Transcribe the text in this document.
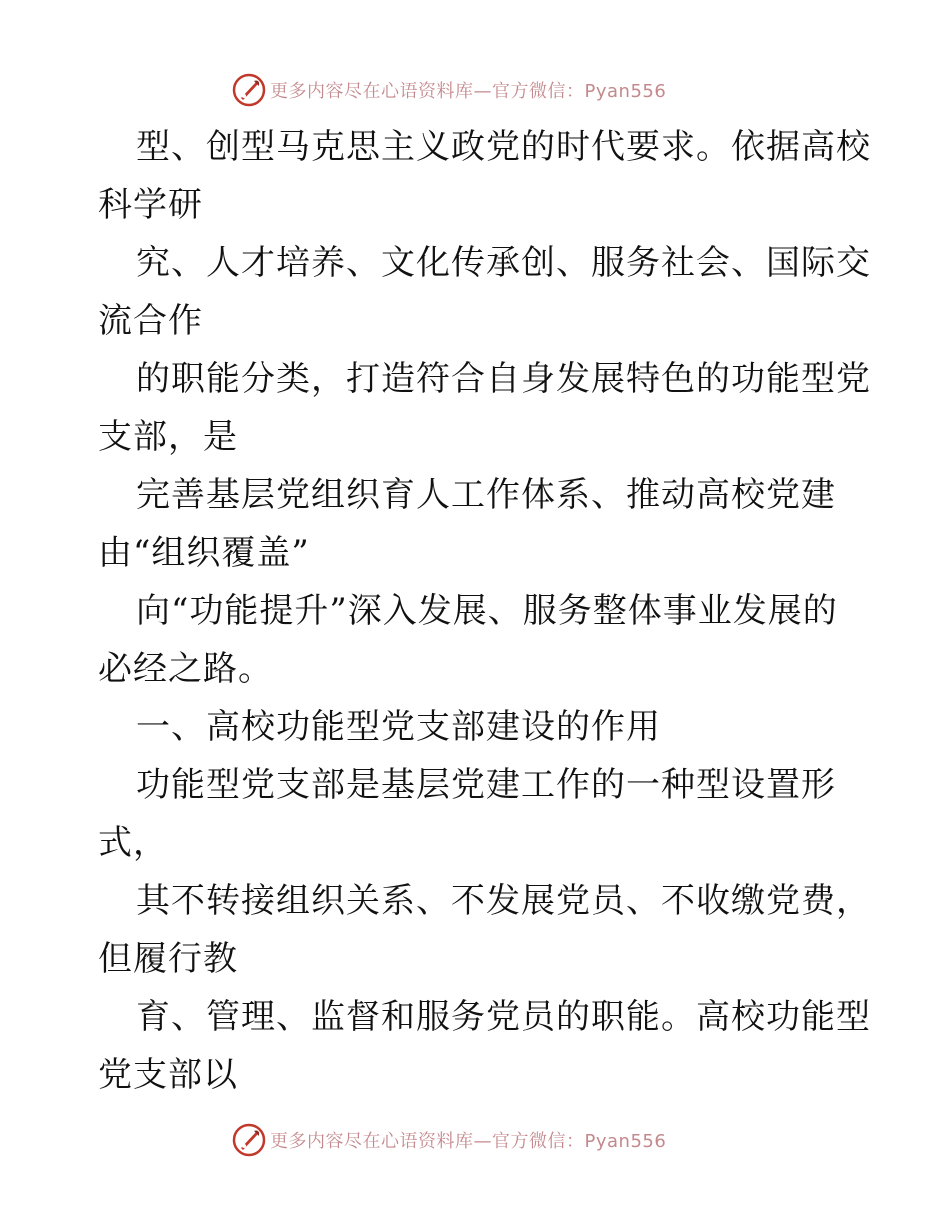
更多内容尽在心语资料库—官方微信：Pyan556
型、创型马克思主义政党的时代要求。依据高校
科学研
究、人才培养、文化传承创、服务社会、国际交
流合作
的职能分类，打造符合自身发展特色的功能型党
支部，是
完善基层党组织育人工作体系、推动高校党建
由“组织覆盖”
向“功能提升”深入发展、服务整体事业发展的
必经之路。
一、高校功能型党支部建设的作用
功能型党支部是基层党建工作的一种型设置形
式，
其不转接组织关系、不发展党员、不收缴党费，
但履行教
育、管理、监督和服务党员的职能。高校功能型
党支部以
更多内容尽在心语资料库—官方微信：Pyan556
